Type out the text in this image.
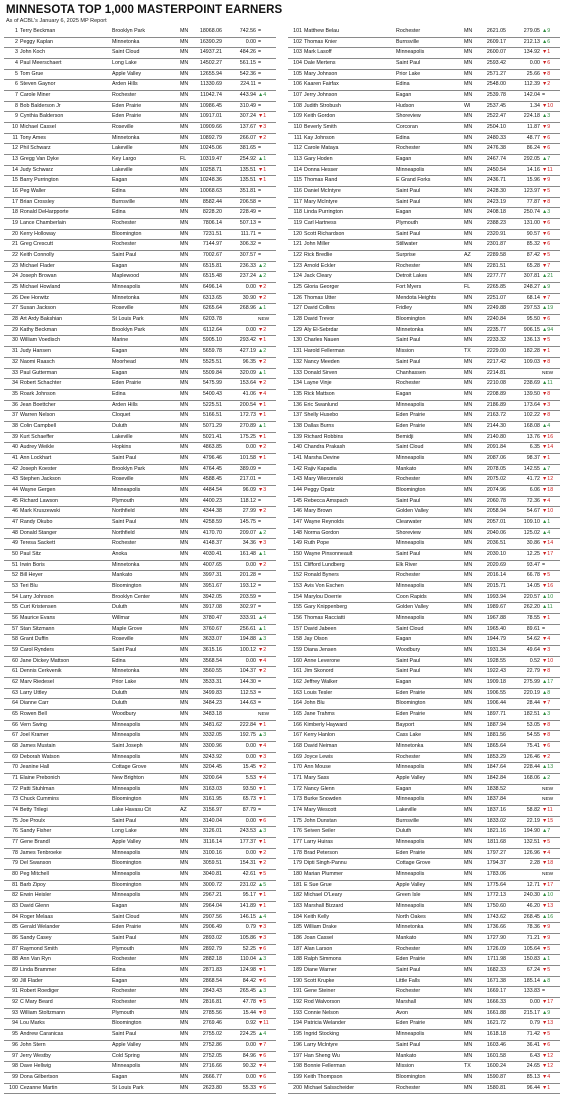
MINNESOTA TOP 1,000 MASTERPOINT EARNERS
As of ACBL's January 6, 2025 MP Report
1 Terry Beckman	Brooklyn Park	MN	18068.06	742.56 =
2 Peggy Kaplan	Minnetonka	MN	16390.29	0.00 =
3 John Koch	Saint Cloud	MN	14937.21	484.26 =
4 Paul Meerschaert	Long Lake	MN	14502.27	561.15 =
5 Tom Grue	Apple Valley	MN	12655.94	542.36 =
6 Steven Gaynor	Arden Hills	MN	11330.69	224.11 =
7 Carole Miner	Rochester	MN	11042.74	443.94 ▲4
8 Bob Balderson Jr	Eden Prairie	MN	10986.45	310.49 =
9 Cynthia Balderson	Eden Prairie	MN	10917.01	307.24 ▼1
10 Michael Cassel	Roseville	MN	10909.66	137.67 ▼3
11 Tony Ames	Minnetonka	MN	10892.79	266.07 ▼2
12 Phil Schwarz	Lakeville	MN	10245.06	381.65 =
13 Gregg Van Dyke	Key Largo	FL	10319.47	254.92 ▲1
14 Judy Schwarz	Lakeville	MN	10258.71	135.51 ▼1
15 Barry Purrington	Eagan	MN	10248.36	135.51 ▼1
16 Peg Waller	Edina	MN	10068.63	351.81 =
17 Brian Crossley	Burnsville	MN	8582.44	206.58 =
18 Ronald DeHarpporte	Edina	MN	8228.20	228.49 =
19 Lance Chamberlain	Rochester	MN	7806.14	507.13 =
20 Kerry Holloway	Bloomington	MN	7231.51	111.71 =
21 Greg Crescutt	Rochester	MN	7144.97	306.32 =
22 Keith Connolly	Saint Paul	MN	7002.67	307.57 =
23 Michael Flader	Eagan	MN	6515.81	236.33 ▲2
24 Joseph Browan	Maplewood	MN	6515.48	237.24 ▲2
25 Michael Howland	Minneapolis	MN	6496.14	0.00 ▼2
26 Dee Horwitz	Minnetonka	MN	6313.65	30.90 ▼2
27 Susan Jackson	Roseville	MN	6265.64	268.96 ▲1
28 Art Ardy Bakshian	St Louis Park	MN	6203.78	NEW
29 Kathy Beckman	Brooklyn Park	MN	6112.64	0.00 ▼2
30 William Voedisch	Marine	MN	5905.10	293.42 ▼1
31 Judy Hansen	Eagan	MN	5659.78	427.19 ▲2
32 Naomi Raasch	Moorhead	MN	5525.51	96.35 ▼2
33 Paul Gutterman	Eagan	MN	5509.84	320.09 ▲1
34 Robert Schachter	Eden Prairie	MN	5475.99	153.64 ▼2
35 Roark Johnson	Edina	MN	5400.43	41.06 ▼4
36 Jean Boettcher	Arden Hills	MN	5225.51	200.54 ▼1
37 Warren Nelson	Cloquet	MN	5166.51	172.73 ▼1
38 Colin Campbell	Duluth	MN	5071.29	270.89 ▲1
39 Kurt Schaeffer	Lakeville	MN	5021.41	175.25 ▼1
40 Audrey Weikle	Hopkins	MN	4863.85	0.00 ▼2
41 Ann Lockhart	Saint Paul	MN	4796.46	101.58 ▼1
42 Joseph Koester	Brooklyn Park	MN	4764.45	389.09 =
43 Stephen Jackson	Roseville	MN	4588.45	217.01 =
44 Wayne Gergen	Minneapolis	MN	4484.54	96.09 ▼3
45 Richard Lawson	Plymouth	MN	4400.23	118.12 =
46 Mark Kruszewski	Northfield	MN	4344.38	27.99 ▼2
47 Randy Okubo	Saint Paul	MN	4258.59	145.75 =
48 Donald Stanger	Northfield	MN	4170.70	209.07 ▲2
49 Teresa Sackett	Rochester	MN	4148.37	34.36 ▼3
50 Paul Sitz	Anoka	MN	4030.41	161.48 ▲1
51 Irwin Boris	Minnetonka	MN	4007.65	0.00 ▼2
52 Bill Heyer	Mankato	MN	3997.31	201.28 =
53 Teri Blu	Bloomington	MN	3951.67	193.12 =
54 Larry Johnson	Brooklyn Center	MN	3942.05	203.59 =
55 Curt Kristensen	Duluth	MN	3917.08	302.97 =
56 Maurice Evans	Willmar	MN	3780.47	333.91 ▲4
57 Stan Sitzmann	Maple Grove	MN	3760.67	256.61 ▲1
58 Grant Duffin	Roseville	MN	3633.07	194.88 ▲3
59 Carol Rynders	Saint Paul	MN	3615.16	100.12 ▼2
60 Jane Dickey Mattson	Edina	MN	3568.54	0.00 ▼4
61 Dennis Cerkvenik	Minnetonka	MN	3560.55	104.37 ▼2
62 Marv Riedesel	Prior Lake	MN	3533.31	144.30 =
63 Larry Uttley	Duluth	MN	3499.83	112.53 =
64 Dianne Carr	Duluth	MN	3484.23	144.63 =
65 Rowen Bell	Woodbury	MN	3483.18	NEW
66 Vern Swing	Minneapolis	MN	3481.62	222.84 ▼1
67 Joel Kramer	Minneapolis	MN	3332.05	192.75 ▲3
68 James Mustain	Saint Joseph	MN	3300.96	0.00 ▼4
69 Deborah Watson	Minneapolis	MN	3243.92	0.00 ▼3
70 Jeanine Hall	Cottage Grove	MN	3204.45	15.45 ▼2
71 Elaine Prebonich	New Brighton	MN	3200.64	5.53 ▼4
72 Patti Stuhlman	Minneapolis	MN	3163.03	93.50 ▼1
73 Chuck Cummins	Bloomington	MN	3161.95	65.73 ▼1
74 Betty Trilegi	Lake Havasu Cit	AZ	3156.97	87.79 =
75 Joe Proulx	Saint Paul	MN	3140.04	0.00 ▼6
76 Sandy Fisher	Long Lake	MN	3126.01	243.53 ▲3
77 Gene Brandl	Apple Valley	MN	3116.14	177.37 ▼1
78 James Tenbroeke	Minneapolis	MN	3100.16	0.00 ▼2
79 Del Swanson	Bloomington	MN	3059.51	154.31 ▼2
80 Peg Mitchell	Minneapolis	MN	3040.81	42.61 ▼5
81 Barb Zipoy	Bloomington	MN	3000.72	231.02 ▲5
82 Erwin Heisler	Minneapolis	MN	2967.21	95.17 ▼1
83 David Glenn	Eagan	MN	2964.04	141.89 ▼1
84 Roger Melaas	Saint Cloud	MN	2907.56	146.15 ▲4
85 Gerald Welander	Eden Prairie	MN	2906.49	0.79 ▼3
86 Sandy Casey	Saint Paul	MN	2893.02	105.86 ▼3
87 Raymond Smith	Plymouth	MN	2892.79	52.25 ▼6
88 Ann Van Ryn	Rochester	MN	2882.18	110.04 ▲3
89 Linda Brammer	Edina	MN	2871.83	124.98 ▼1
90 Jill Flader	Eagan	MN	2868.54	84.42 ▼6
91 Robert Roediger	Rochester	MN	2843.43	265.45 ▲3
92 C Mary Beard	Rochester	MN	2816.81	47.78 ▼5
93 William Stoltzmann	Plymouth	MN	2785.56	15.44 ▼8
94 Lou Marks	Bloomington	MN	2769.46	0.92 ▼11
95 Andrew Caranicas	Saint Paul	MN	2755.02	224.25 ▲4
96 John Stern	Apple Valley	MN	2752.86	0.00 ▼7
97 Jerry Westby	Cold Spring	MN	2752.05	84.96 ▼6
98 Dave Hellwig	Minneapolis	MN	2716.66	90.32 ▼4
99 Dona Gilbertson	Eagan	MN	2666.77	0.00 ▼6
100 Cezanne Martin	St Louis Park	MN	2623.80	55.33 ▼6
101 Matthew Belau	Rochester	MN	2621.05	279.05 ▲9
102 Thomas Knier	Burnsville	MN	2609.17	212.13 ▲6
103 Mark Lasoff	Minneapolis	MN	2600.07	134.92 ▼1
104 Dale Mertens	Saint Paul	MN	2593.42	0.00 ▼6
105 Mary Johnson	Prior Lake	MN	2571.27	25.66 ▼8
106 Kaaren Fairfax	Edina	MN	2548.00	112.39 ▼2
107 Jerry Johnson	Eagan	MN	2539.78	142.04 =
108 Judith Strobush	Hudson	WI	2537.45	1.34 ▼10
109 Keith Gordon	Shoreview	MN	2522.47	224.18 ▲3
110 Beverly Smith	Corcoran	MN	2504.10	11.87 ▼9
111 Kay Johnson	Edina	MN	2480.33	48.77 ▼6
112 Carole Mataya	Rochester	MN	2476.38	86.24 ▼6
113 Gary Hoden	Eagan	MN	2467.74	292.05 ▲7
114 Donna Hesser	Minneapolis	MN	2450.54	14.16 ▼11
115 Thomas Rand	E Grand Forks	MN	2436.71	15.96 ▼9
116 Daniel McIntyre	Saint Paul	MN	2428.30	123.97 ▼5
117 Mary McIntyre	Saint Paul	MN	2423.19	77.87 ▼8
118 Linda Purrington	Eagan	MN	2408.18	250.74 ▲3
119 Carl Hartness	Plymouth	MN	2388.23	131.00 ▼6
120 Scott Richardson	Saint Paul	MN	2320.91	90.57 ▼6
121 John Miller	Stillwater	MN	2301.87	85.32 ▼6
122 Rick Bredlie	Surprise	AZ	2289.58	87.42 ▼5
123 Arnold Eckler	Rochester	MN	2281.51	65.28 ▼7
124 Jack Cleary	Detroit Lakes	MN	2277.77	307.81 ▲21
125 Gloria Georger	Fort Myers	FL	2265.85	248.27 ▲9
126 Thomas Utter	Mendota Heights	MN	2251.07	68.14 ▼7
127 David Collins	Fridley	MN	2249.88	297.53 ▲19
128 David Trevor	Bloomington	MN	2240.84	95.50 ▼6
129 Aly El-Sebrdar	Minnetonka	MN	2235.77	906.15 ▲94
130 Charles Nauen	Saint Paul	MN	2233.32	136.13 ▼5
131 Harold Fellerman	Mission	TX	2229.00	182.28 ▼1
132 Nancy Meeden	Saint Paul	MN	2217.42	109.03 ▼8
133 Donald Sirven	Chanhassen	MN	2214.81	NEW
134 Layne Vinje	Rochester	MN	2210.08	238.69 ▲11
135 Rick Mattson	Eagan	MN	2208.89	139.50 ▼8
136 Eric Swanlund	Minneapolis	MN	2186.89	173.64 ▼3
137 Shelly Husebo	Eden Prairie	MN	2163.72	102.22 ▼8
138 Dallas Burns	Eden Prairie	MN	2144.30	168.08 ▲4
139 Richard Robbins	Bemidji	MN	2140.80	13.76 ▼16
140 Chandra Prakash	Saint Cloud	MN	2091.84	6.35 ▼14
141 Marsha Devine	Minneapolis	MN	2087.06	98.37 ▼1
142 Rajiv Kapadia	Mankato	MN	2078.05	142.55 ▲7
143 Mary Wierzenski	Rochester	MN	2075.02	41.72 ▼12
144 Peggy Opatz	Bloomington	MN	2074.96	6.06 ▼18
145 Rebecca Amspach	Saint Paul	MN	2060.78	72.36 ▼4
146 Mary Brown	Golden Valley	MN	2058.94	54.67 ▼10
147 Wayne Reynolds	Clearwater	MN	2057.01	109.10 ▲1
148 Norma Gordon	Shoreview	MN	2040.06	125.02 ▲4
149 Ruth Pope	Minneapolis	MN	2036.51	30.86 ▼14
150 Wayne Pinsonneault	Saint Paul	MN	2030.10	12.25 ▼17
151 Clifford Lundberg	Elk River	MN	2020.69	93.47 =
152 Ronald Byners	Rochester	MN	2016.14	66.78 ▼5
153 Avis Von Eschen	Minneapolis	MN	2015.71	14.05 ▼16
154 Marylou Doerrie	Coon Rapids	MN	1993.94	220.57 ▲10
155 Gary Knippenberg	Golden Valley	MN	1989.67	262.20 ▲11
156 Thomas Racciatti	Minneapolis	MN	1967.88	78.55 ▼1
157 David Jabeen	Saint Cloud	MN	1965.40	89.61 =
158 Jay Olson	Eagan	MN	1944.79	54.62 ▼4
159 Diana Jensen	Woodbury	MN	1931.34	49.64 ▼3
160 Anne Leverone	Saint Paul	MN	1928.55	0.52 ▼10
161 Jim Skonord	Saint Paul	MN	1922.43	22.79 ▼8
162 Jeffrey Walker	Eagan	MN	1909.18	275.99 ▲17
163 Louis Tesler	Eden Prairie	MN	1906.55	220.19 ▲8
164 John Blu	Bloomington	MN	1906.44	28.44 ▼7
165 Jane Trahms	Eden Prairie	MN	1897.71	182.51 ▲3
166 Kimberly Hayward	Bayport	MN	1887.94	53.05 ▼8
167 Kerry Hanlon	Cass Lake	MN	1881.56	54.55 ▼8
168 David Neiman	Minnetonka	MN	1865.64	75.41 ▼6
169 Joyce Lewis	Rochester	MN	1853.29	126.46 ▼2
170 Ann Mouse	Minneapolis	MN	1847.64	228.44 ▲13
171 Mary Sass	Apple Valley	MN	1842.84	168.06 ▲2
172 Nancy Glenn	Eagan	MN	1838.52	NEW
173 Burke Snowden	Minneapolis	MN	1837.84	NEW
174 Mary Wescott	Lakeville	MN	1837.16	58.82 ▼11
175 John Dunstan	Burnsville	MN	1833.02	22.19 ▼15
176 Seiven Seiler	Duluth	MN	1821.16	194.90 ▲7
177 Larry Huiras	Minneapolis	MN	1811.68	132.51 ▼5
178 Brad Peterson	Eden Prairie	MN	1797.27	126.96 ▼4
179 Dipti Singh-Pannu	Cottage Grove	MN	1794.37	2.28 ▼18
180 Marian Plummer	Minneapolis	MN	1783.06	NEW
181 E Sue Grue	Apple Valley	MN	1775.64	12.71 ▼17
182 Michael O'Leary	Green Isle	MN	1772.13	240.30 ▲10
183 Marshall Bizzard	Minneapolis	MN	1750.60	46.20 ▼13
184 Keith Kelly	North Oakes	MN	1743.62	268.45 ▲16
185 William Drake	Minnetonka	MN	1736.66	78.36 ▼9
186 Joan Cassel	Mankato	MN	1727.90	71.21 ▼9
187 Alan Larson	Rochester	MN	1726.09	105.64 ▼5
188 Ralph Simmons	Eden Prairie	MN	1711.98	150.83 ▲1
189 Diane Warner	Saint Paul	MN	1682.33	67.24 ▼5
190 Scott Krupke	Little Falls	MN	1671.38	185.14 ▲8
191 Gene Steiner	Rochester	MN	1669.17	133.83 =
192 Rod Walvorson	Marshall	MN	1666.33	0.00 ▼17
193 Connie Nelson	Avon	MN	1661.88	215.17 ▲9
194 Patricia Welander	Eden Prairie	MN	1621.72	0.79 ▼13
195 Ingrid Stocking	Minneapolis	MN	1618.18	71.42 ▼5
196 Larry McIntyre	Saint Paul	MN	1603.46	36.41 ▼6
197 Han Sheng Wu	Mankato	MN	1601.58	6.43 ▼12
198 Bonnie Fellerman	Mission	TX	1600.24	24.65 ▼12
199 Keith Thompson	Bloomington	MN	1590.87	85.13 ▼4
200 Michael Salsscheider	Rochester	MN	1580.81	96.44 ▼1
